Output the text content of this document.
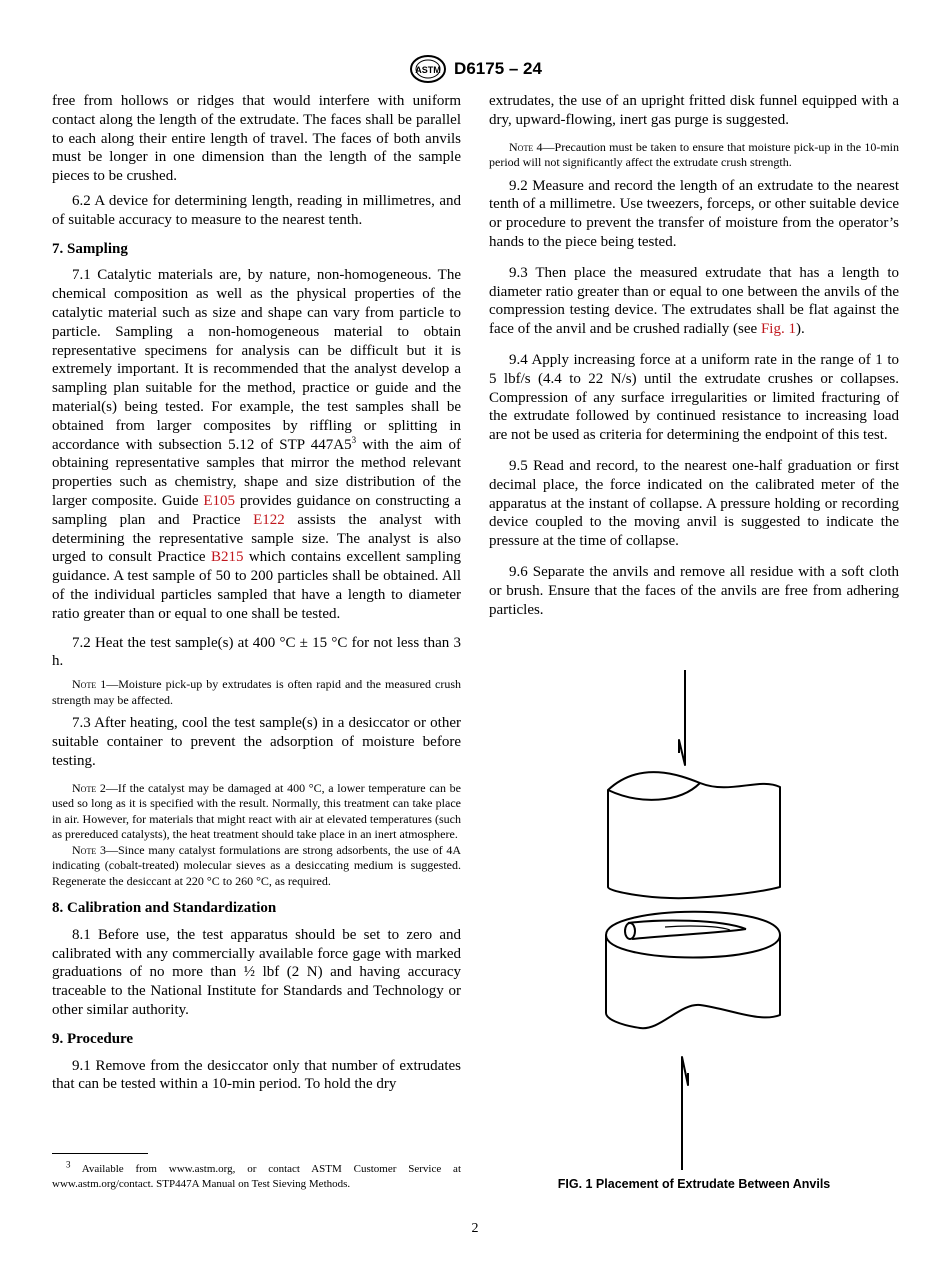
ASTM D6175 – 24

free from hollows or ridges that would interfere with uniform contact along the length of the extrudate. The faces shall be parallel to each along their entire length of travel. The faces of both anvils must be longer in one dimension than the length of the sample pieces to be crushed.

6.2 A device for determining length, reading in millimetres, and of suitable accuracy to measure to the nearest tenth.

7. Sampling

7.1 Catalytic materials are, by nature, non-homogeneous. The chemical composition as well as the physical properties of the catalytic material such as size and shape can vary from particle to particle. Sampling a non-homogeneous material to obtain representative specimens for analysis can be difficult but it is extremely important. It is recommended that the analyst develop a sampling plan suitable for the method, practice or guide and the material(s) being tested. For example, the test samples shall be obtained from larger composites by riffling or splitting in accordance with subsection 5.12 of STP $447A5^3$ with the aim of obtaining representative samples that mirror the method relevant properties such as chemistry, shape and size distribution of the larger composite. Guide E105 provides guidance on constructing a sampling plan and Practice E122 assists the analyst with determining the representative sample size. The analyst is also urged to consult Practice B215 which contains excellent sampling guidance. A test sample of 50 to 200 particles shall be obtained. All of the individual particles sampled that have a length to diameter ratio greater than or equal to one shall be tested.

7.2 Heat the test sample(s) at 400 °C ± 15 °C for not less than 3 h.

Note 1—Moisture pick-up by extrudates is often rapid and the measured crush strength may be affected.

7.3 After heating, cool the test sample(s) in a desiccator or other suitable container to prevent the adsorption of moisture before testing.

Note 2—If the catalyst may be damaged at 400 °C, a lower temperature can be used so long as it is specified with the result. Normally, this treatment can take place in air. However, for materials that might react with air at elevated temperatures (such as prereduced catalysts), the heat treatment should take place in an inert atmosphere.

Note 3—Since many catalyst formulations are strong adsorbents, the use of 4A indicating (cobalt-treated) molecular sieves as a desiccating medium is suggested. Regenerate the desiccant at 220 °C to 260 °C, as required.

8. Calibration and Standardization

8.1 Before use, the test apparatus should be set to zero and calibrated with any commercially available force gage with marked graduations of no more than ½ lbf (2 N) and having accuracy traceable to the National Institute for Standards and Technology or other similar authority.

9. Procedure

9.1 Remove from the desiccator only that number of extrudates that can be tested within a 10-min period. To hold the dry

extrudates, the use of an upright fritted disk funnel equipped with a dry, upward-flowing, inert gas purge is suggested.

Note 4—Precaution must be taken to ensure that moisture pick-up in the 10-min period will not significantly affect the extrudate crush strength.

9.2 Measure and record the length of an extrudate to the nearest tenth of a millimetre. Use tweezers, forceps, or other suitable device or procedure to prevent the transfer of moisture from the operator’s hands to the piece being tested.

9.3 Then place the measured extrudate that has a length to diameter ratio greater than or equal to one between the anvils of the compression testing device. The extrudates shall be flat against the face of the anvil and be crushed radially (see Fig. 1).

9.4 Apply increasing force at a uniform rate in the range of 1 to 5 lbf/s (4.4 to 22 N/s) until the extrudate crushes or collapses. Compression of any surface irregularities or limited fracturing of the extrudate followed by continued resistance to increasing load are not be used as criteria for determining the endpoint of this test.

9.5 Read and record, to the nearest one-half graduation or first decimal place, the force indicated on the calibrated meter of the apparatus at the instant of collapse. A pressure holding or recording device coupled to the moving anvil is suggested to indicate the pressure at the time of collapse.

9.6 Separate the anvils and remove all residue with a soft cloth or brush. Ensure that the faces of the anvils are free from adhering particles.

FIG. 1 Placement of Extrudate Between Anvils

$^3$ Available from www.astm.org, or contact ASTM Customer Service at www.astm.org/contact. STP447A Manual on Test Sieving Methods.

2
